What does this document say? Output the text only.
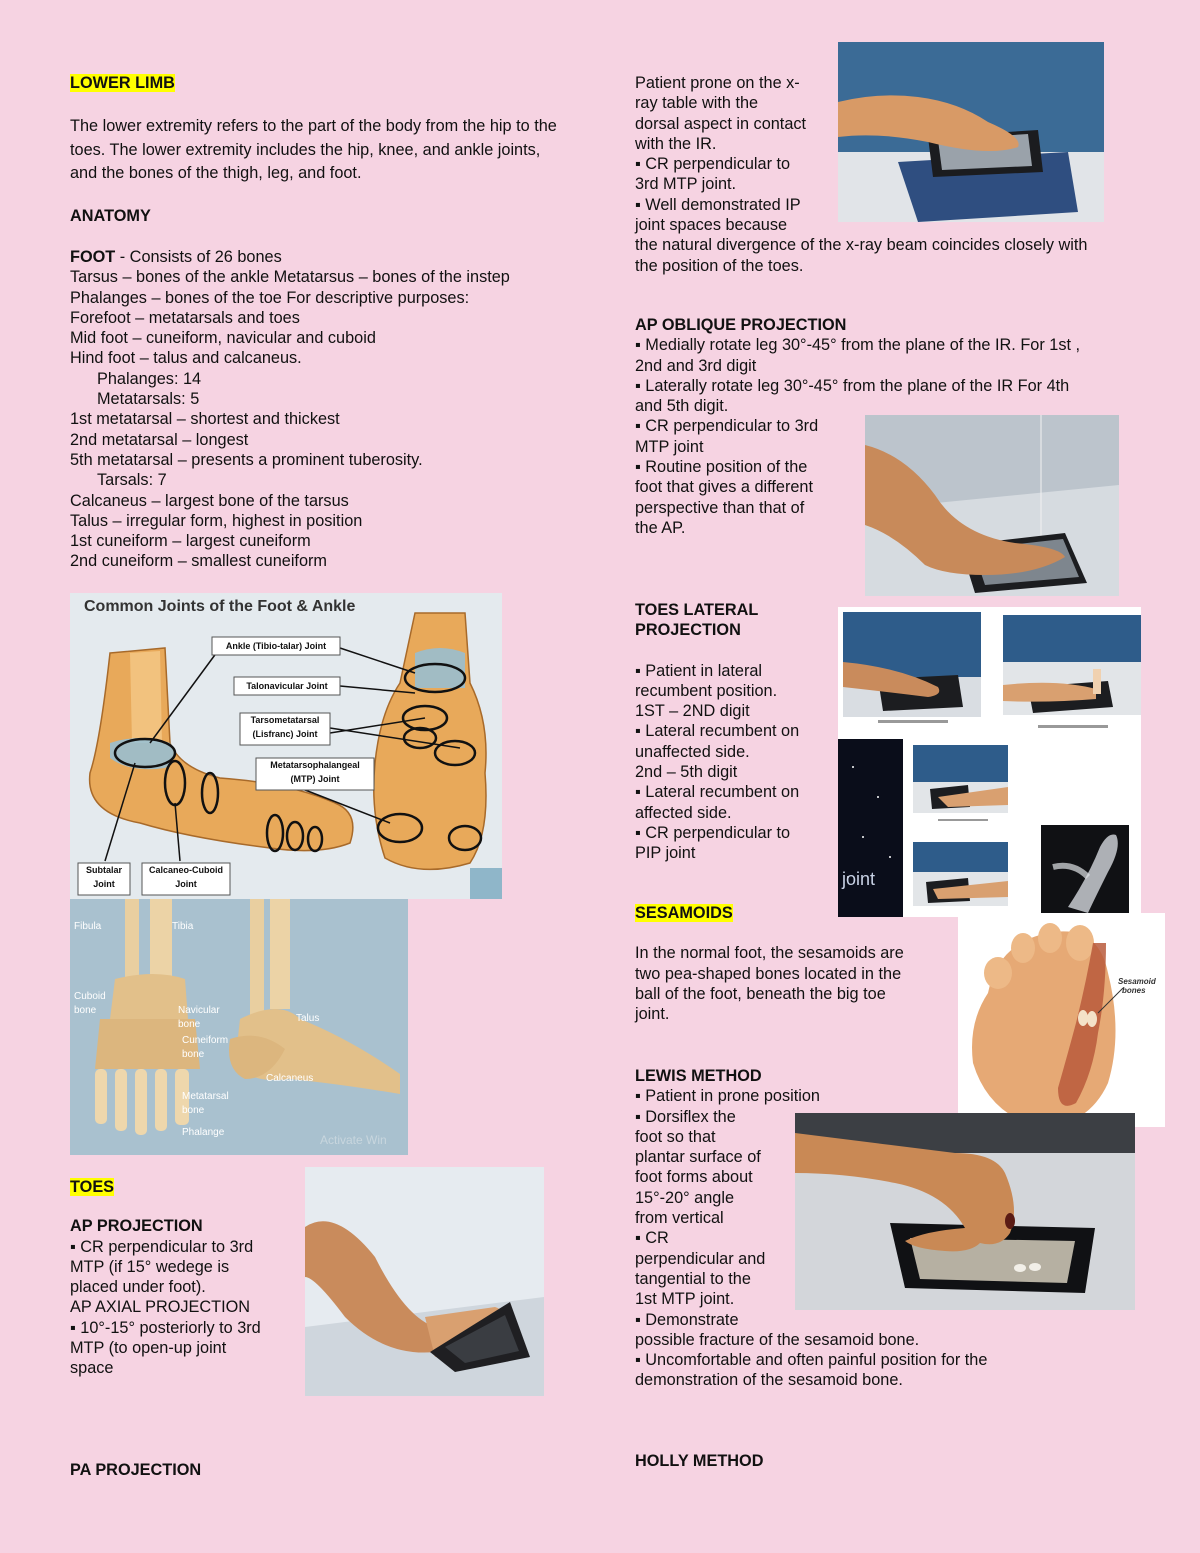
LOWER LIMB

The lower extremity refers to the part of the body from the hip to the toes. The lower extremity includes the hip, knee, and ankle joints, and the bones of the thigh, leg, and foot.

ANATOMY

FOOT - Consists of 26 bones

Tarsus – bones of the ankle Metatarsus – bones of the instep

Phalanges – bones of the toe For descriptive purposes:

Forefoot – metatarsals and toes

Mid foot – cuneiform, navicular and cuboid

Hind foot – talus and calcaneus.

Phalanges: 14

Metatarsals: 5

1st metatarsal – shortest and thickest

2nd metatarsal – longest

5th metatarsal – presents a prominent tuberosity.

Tarsals: 7

Calcaneus – largest bone of the tarsus

Talus – irregular form, highest in position

1st cuneiform – largest cuneiform

2nd cuneiform – smallest cuneiform

Common Joints of the Foot & Ankle
Ankle (Tibio-talar) Joint
Talonavicular Joint
Tarsometatarsal
(Lisfranc) Joint
Metatarsophalangeal
(MTP) Joint
Subtalar
Joint
Calcaneo-Cuboid
Joint
Fibula	Tibia
Cuboid
bone	Navicular
bone
Cuneiform
bone
Talus
Calcaneus
Metatarsal
bone
Phalange
Activate Win

TOES

AP PROJECTION

▪ CR perpendicular to 3rd

MTP (if 15° wedege is

placed under foot).

AP AXIAL PROJECTION

▪ 10°-15° posteriorly to 3rd

MTP (to open-up joint

space

PA PROJECTION

Patient prone on the x-

ray table with the

dorsal aspect in contact

with the IR.

▪ CR perpendicular to

3rd MTP joint.

▪ Well demonstrated IP

joint spaces because

the natural divergence of the x-ray beam coincides closely with

the position of the toes.

AP OBLIQUE PROJECTION

▪ Medially rotate leg 30°-45° from the plane of the IR. For 1st ,

2nd and 3rd digit

▪ Laterally rotate leg 30°-45° from the plane of the IR For 4th

and 5th digit.

▪ CR perpendicular to 3rd

MTP joint

▪ Routine position of the

foot that gives a different

perspective than that of

the AP.

TOES LATERAL

PROJECTION

▪ Patient in lateral

recumbent position.

1ST – 2ND digit

▪ Lateral recumbent on

unaffected side.

2nd – 5th digit

▪ Lateral recumbent on

affected side.

▪ CR perpendicular to

PIP joint

joint

SESAMOIDS

In the normal foot, the sesamoids are

two pea-shaped bones located in the

ball of the foot, beneath the big toe

joint.

Sesamoid
bones

LEWIS METHOD

▪ Patient in prone position

▪ Dorsiflex the

foot so that

plantar surface of

foot forms about

15°-20° angle

from vertical

▪ CR

perpendicular and

tangential to the

1st MTP joint.

▪ Demonstrate

possible fracture of the sesamoid bone.

▪ Uncomfortable and often painful position for the

demonstration of the sesamoid bone.

HOLLY METHOD
